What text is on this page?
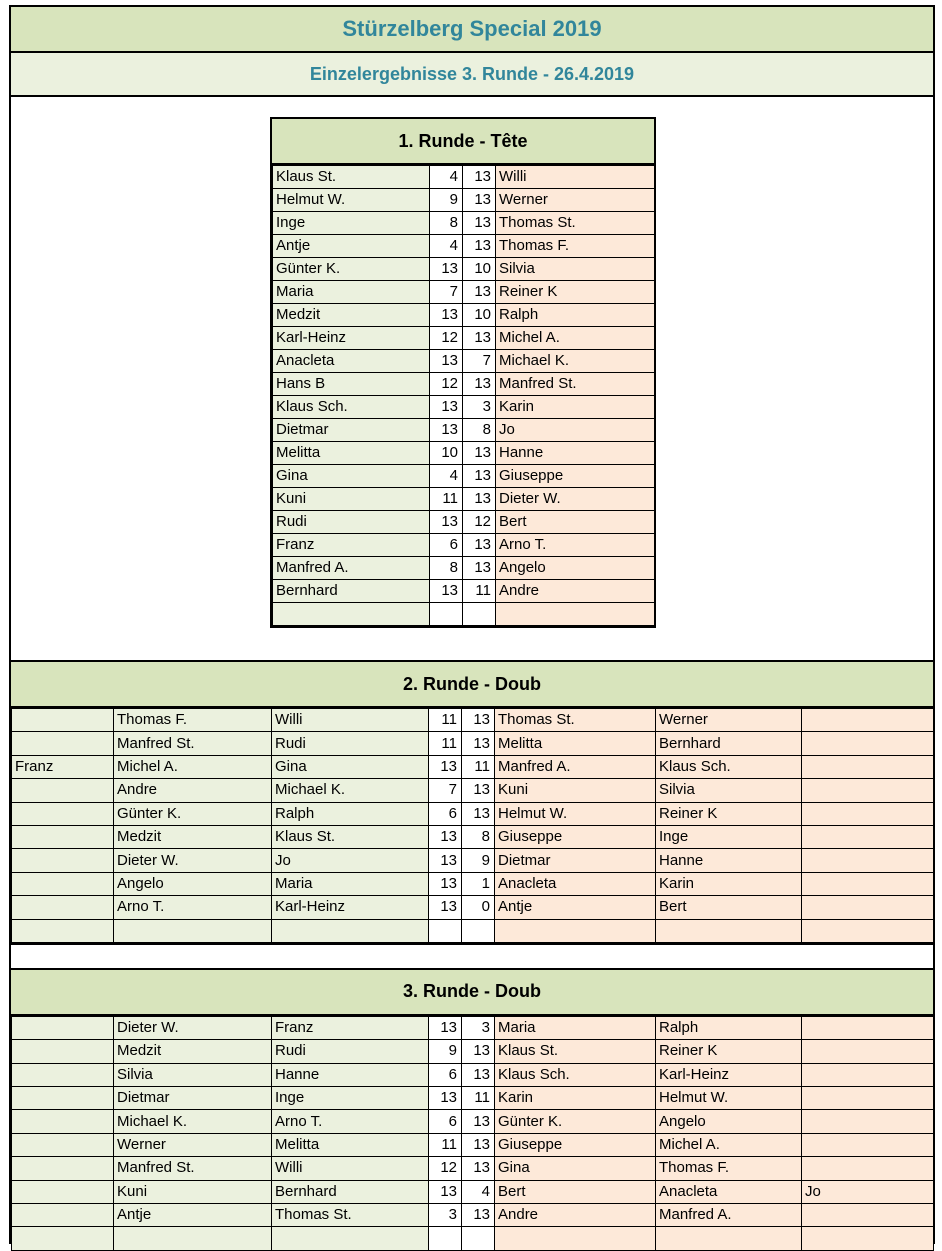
Stürzelberg Special 2019
Einzelergebnisse 3. Runde - 26.4.2019
1. Runde - Tête
Klaus St.	4	13	Willi
Helmut W.	9	13	Werner
Inge	8	13	Thomas St.
Antje	4	13	Thomas F.
Günter K.	13	10	Silvia
Maria	7	13	Reiner K
Medzit	13	10	Ralph
Karl-Heinz	12	13	Michel A.
Anacleta	13	7	Michael K.
Hans B	12	13	Manfred St.
Klaus Sch.	13	3	Karin
Dietmar	13	8	Jo
Melitta	10	13	Hanne
Gina	4	13	Giuseppe
Kuni	11	13	Dieter W.
Rudi	13	12	Bert
Franz	6	13	Arno T.
Manfred A.	8	13	Angelo
Bernhard	13	11	Andre

2. Runde - Doub
	Thomas F.	Willi	11	13	Thomas St.	Werner	
	Manfred St.	Rudi	11	13	Melitta	Bernhard	
Franz	Michel A.	Gina	13	11	Manfred A.	Klaus Sch.	
	Andre	Michael K.	7	13	Kuni	Silvia	
	Günter K.	Ralph	6	13	Helmut W.	Reiner K	
	Medzit	Klaus St.	13	8	Giuseppe	Inge	
	Dieter W.	Jo	13	9	Dietmar	Hanne	
	Angelo	Maria	13	1	Anacleta	Karin	
	Arno T.	Karl-Heinz	13	0	Antje	Bert	

3. Runde - Doub
	Dieter W.	Franz	13	3	Maria	Ralph	
	Medzit	Rudi	9	13	Klaus St.	Reiner K	
	Silvia	Hanne	6	13	Klaus Sch.	Karl-Heinz	
	Dietmar	Inge	13	11	Karin	Helmut W.	
	Michael K.	Arno T.	6	13	Günter K.	Angelo	
	Werner	Melitta	11	13	Giuseppe	Michel A.	
	Manfred St.	Willi	12	13	Gina	Thomas F.	
	Kuni	Bernhard	13	4	Bert	Anacleta	Jo
	Antje	Thomas St.	3	13	Andre	Manfred A.	
